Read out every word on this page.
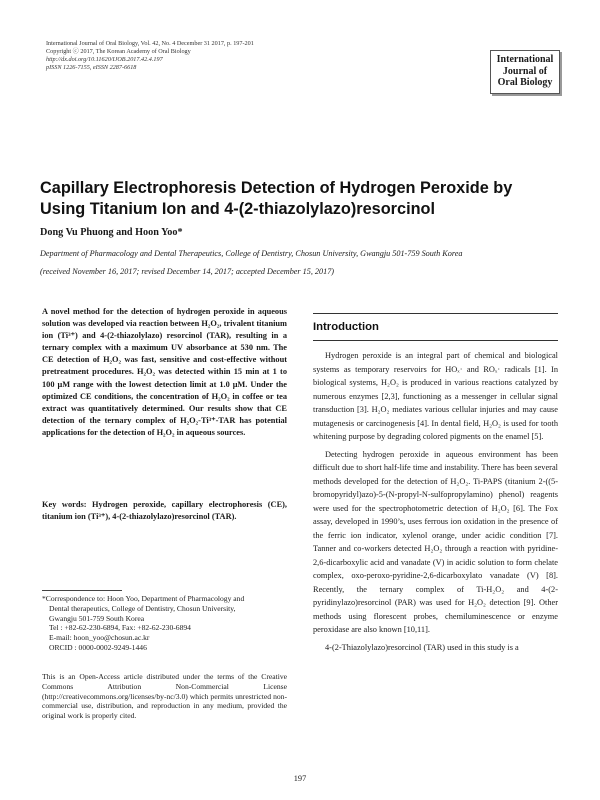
International Journal of Oral Biology, Vol. 42, No. 4 December 31 2017, p. 197-201
Copyright ⓒ 2017, The Korean Academy of Oral Biology
http://dx.doi.org/10.11620/IJOB.2017.42.4.197
pISSN 1226-7155, eISSN 2287-6618
International
Journal of
Oral Biology
Capillary Electrophoresis Detection of Hydrogen Peroxide by Using Titanium Ion and 4-(2-thiazolylazo)resorcinol
Dong Vu Phuong and Hoon Yoo*
Department of Pharmacology and Dental Therapeutics, College of Dentistry, Chosun University, Gwangju 501-759 South Korea
(received November 16, 2017; revised December 14, 2017; accepted December 15, 2017)

A novel method for the detection of hydrogen peroxide in aqueous solution was developed via reaction between H₂O₂, trivalent titanium ion (Ti³⁺) and 4-(2-thiazolylazo) resorcinol (TAR), resulting in a ternary complex with a maximum UV absorbance at 530 nm. The CE detection of H₂O₂ was fast, sensitive and cost-effective without pretreatment procedures. H₂O₂ was detected within 15 min at 1 to 100 μM range with the lowest detection limit at 1.0 μM. Under the optimized CE conditions, the concentration of H₂O₂ in coffee or tea extract was quantitatively determined. Our results show that CE detection of the ternary complex of H₂O₂-Ti³⁺-TAR has potential applications for the detection of H₂O₂ in aqueous sources.

Key words: Hydrogen peroxide, capillary electrophoresis (CE), titanium ion (Ti³⁺), 4-(2-thiazolylazo)resorcinol (TAR).

*Correspondence to: Hoon Yoo, Department of Pharmacology and
Dental therapeutics, College of Dentistry, Chosun University,
Gwangju 501-759 South Korea
Tel : +82-62-230-6894, Fax: +82-62-230-6894
E-mail: hoon_yoo@chosun.ac.kr
ORCID : 0000-0002-9249-1446

This is an Open-Access article distributed under the terms of the Creative Commons Attribution Non-Commercial License (http://creativecommons.org/licenses/by-nc/3.0) which permits unrestricted non-commercial use, distribution, and reproduction in any medium, provided the original work is properly cited.

Introduction

Hydrogen peroxide is an integral part of chemical and biological systems as temporary reservoirs for HOₓ· and ROₓ· radicals [1]. In biological systems, H₂O₂ is produced in various reactions catalyzed by numerous enzymes [2,3], functioning as a messenger in cellular signal transduction [3]. H₂O₂ mediates various cellular injuries and may cause mutagenesis or carcinogenesis [4]. In dental field, H₂O₂ is used for tooth whitening purpose by degrading colored pigments on the enamel [5].

Detecting hydrogen peroxide in aqueous environment has been difficult due to short half-life time and instability. There has been several methods developed for the detection of H₂O₂. Ti-PAPS (titanium 2-((5-bromopyridyl)azo)-5-(N-propyl-N-sulfopropylamino) phenol) reagents were used for the spectrophotometric detection of H₂O₂ [6]. The Fox assay, developed in 1990’s, uses ferrous ion oxidation in the presence of the ferric ion indicator, xylenol orange, under acidic condition [7]. Tanner and co-workers detected H₂O₂ through a reaction with pyridine-2,6-dicarboxylic acid and vanadate (V) in acidic solution to form chelate complex, oxo-peroxo-pyridine-2,6-dicarboxylato vanadate (V) [8]. Recently, the ternary complex of Ti-H₂O₂ and 4-(2-pyridinylazo)resorcinol (PAR) was used for H₂O₂ detection [9]. Other methods using florescent probes, chemiluminescence or enzyme peroxidase are also known [10,11].

4-(2-Thiazolylazo)resorcinol (TAR) used in this study is a

197
